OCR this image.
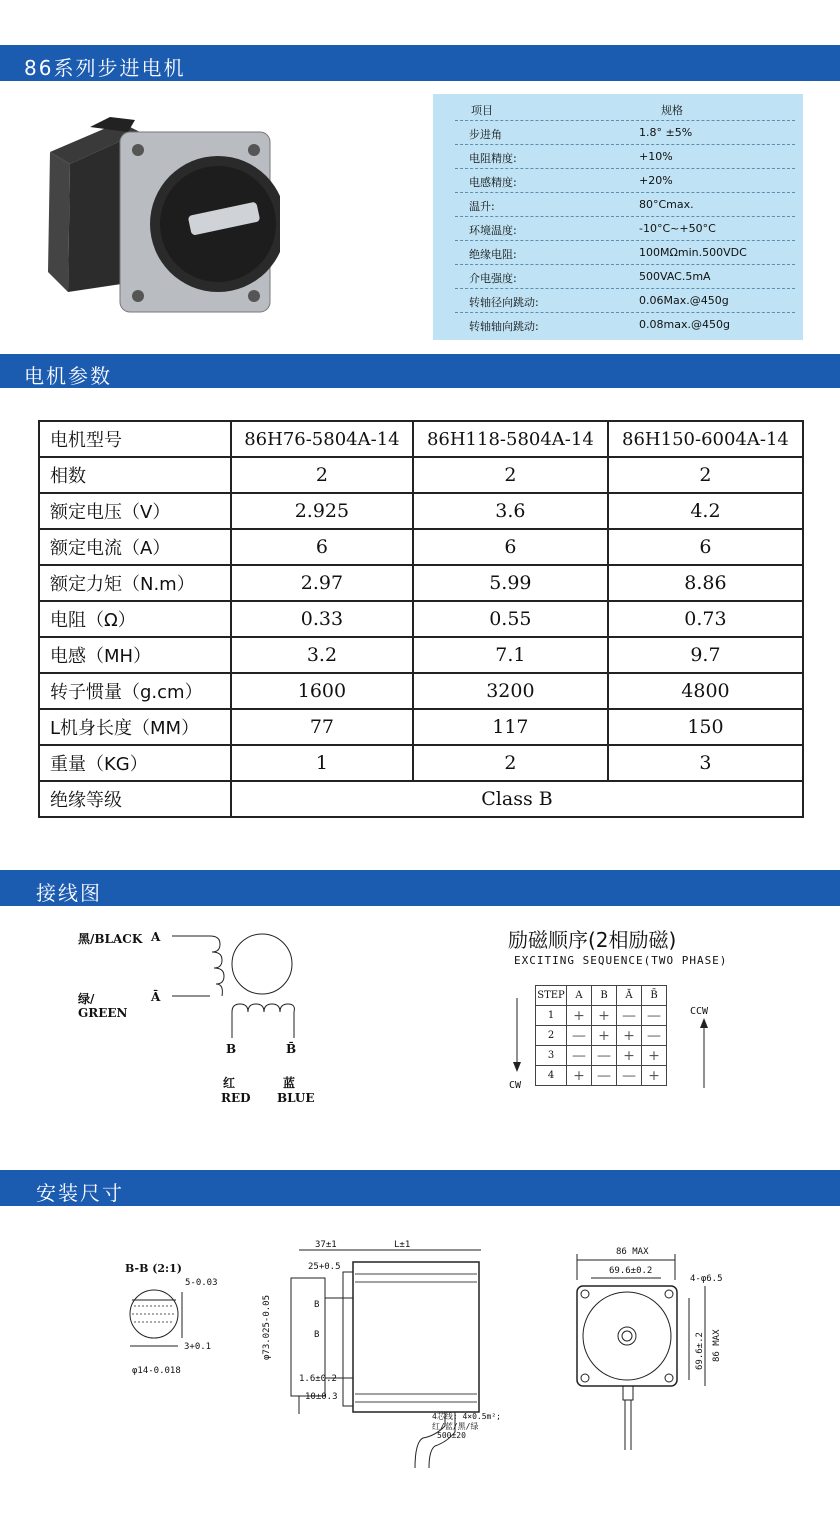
86系列步进电机
项目	规格
步进角	1.8° ±5%
电阻精度:	+10%
电感精度:	+20%
温升:	80°Cmax.
环境温度:	-10°C~+50°C
绝缘电阻:	100MΩmin.500VDC
介电强度:	500VAC.5mA
转轴径向跳动:	0.06Max.@450g
转轴轴向跳动:	0.08max.@450g
电机参数
电机型号	86H76-5804A-14	86H118-5804A-14	86H150-6004A-14
相数	2	2	2
额定电压（V）	2.925	3.6	4.2
额定电流（A）	6	6	6
额定力矩（N.m）	2.97	5.99	8.86
电阻（Ω）	0.33	0.55	0.73
电感（MH）	3.2	7.1	9.7
转子惯量（g.cm）	1600	3200	4800
L机身长度（MM）	77	117	150
重量（KG）	1	2	3
绝缘等级	Class B		
接线图
黑/BLACK A
绿/	Ā
GREEN
B	B̄
红	蓝
RED BLUE
励磁顺序(2相励磁)
EXCITING SEQUENCE(TWO PHASE)
STEP	A	B	Ā	B̄
1	+	+	—	—
2	—	+	+	—
3	—	—	+	+
4	+	—	—	+
CW
CCW
安装尺寸
B-B (2:1)
5-0.03
3+0.1
φ14-0.018
37±1	L±1
25+0.5
φ73.025-0.05	B
B
1.6±0.2
10±0.3
4芯线: 4×0.5m²;
红/蓝/黑/绿
500±20
86 MAX
69.6±0.2
4-φ6.5
69.6±.2 86 MAX
